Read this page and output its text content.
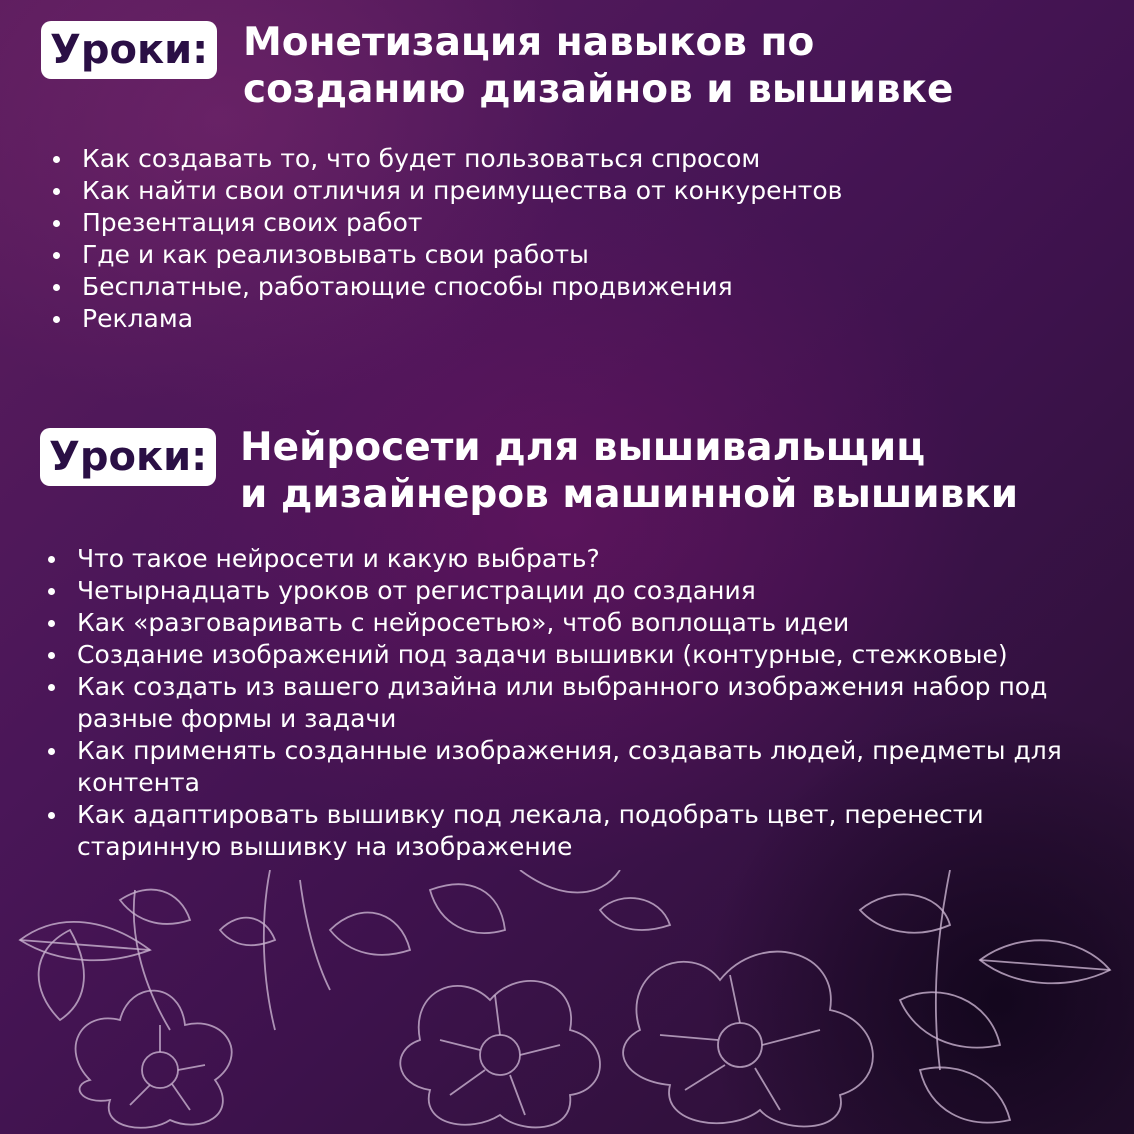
Уроки: Монетизация навыков по
созданию дизайнов и вышивке
Как создавать то, что будет пользоваться спросом
Как найти свои отличия и преимущества от конкурентов
Презентация своих работ
Где и как реализовывать свои работы
Бесплатные, работающие способы продвижения
Реклама
Уроки: Нейросети для вышивальщиц
и дизайнеров машинной вышивки
Что такое нейросети и какую выбрать?
Четырнадцать уроков от регистрации до создания
Как «разговаривать с нейросетью», чтоб воплощать идеи
Создание изображений под задачи вышивки (контурные, стежковые)
Как создать из вашего дизайна или выбранного изображения набор под разные формы и задачи
Как применять созданные изображения, создавать людей, предметы для контента
Как адаптировать вышивку под лекала, подобрать цвет, перенести старинную вышивку на изображение
